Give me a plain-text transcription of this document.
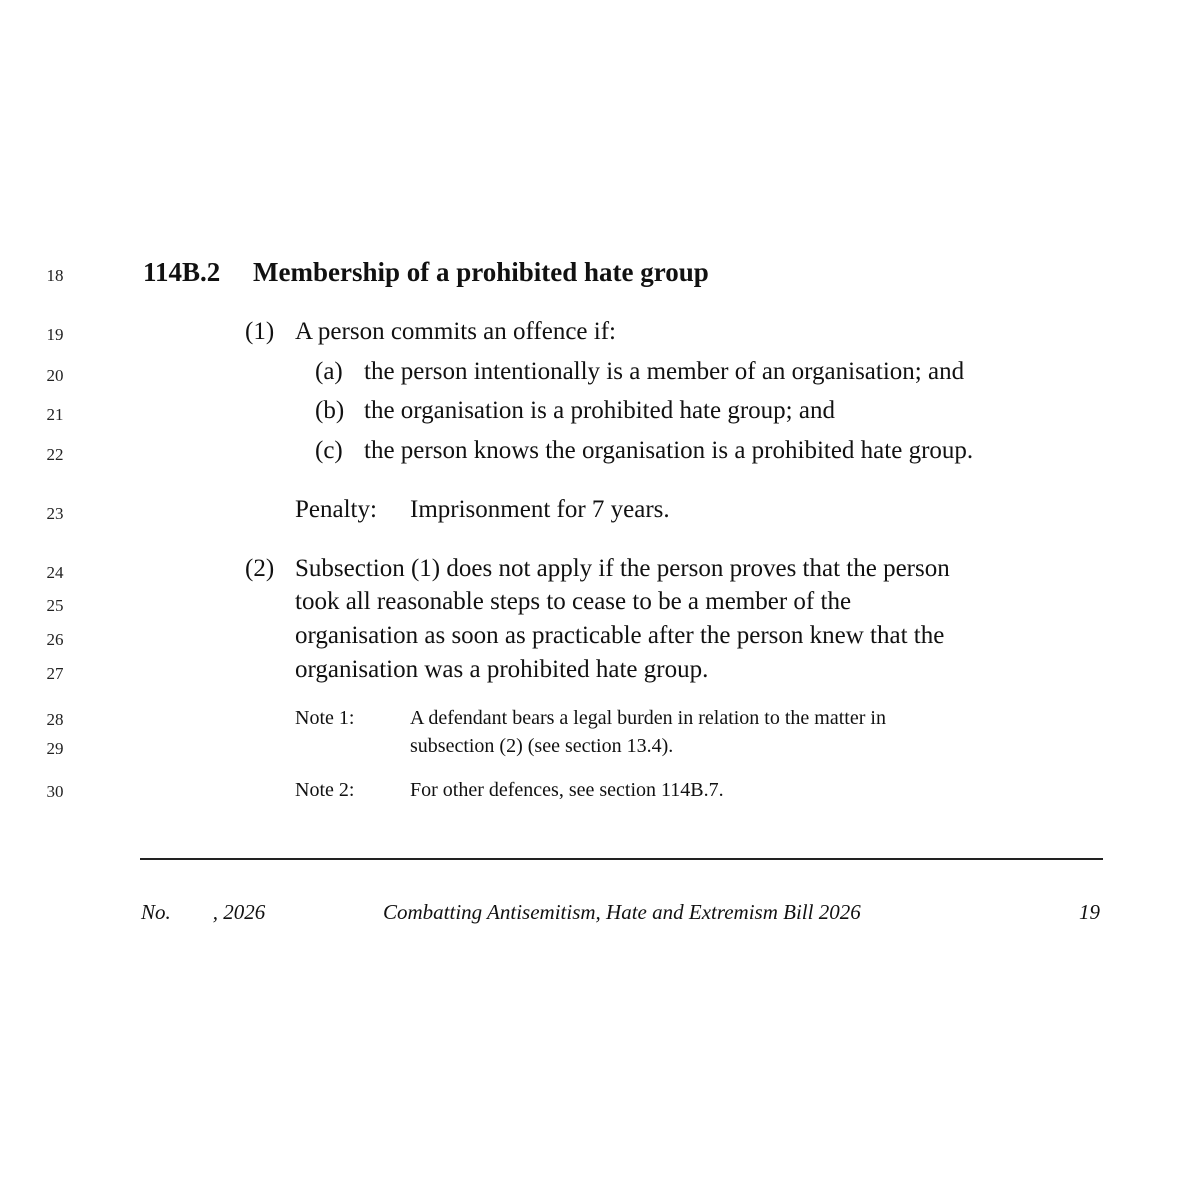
18
19
20
21
22
23
24
25
26
27
28
29
30
114B.2 Membership of a prohibited hate group
(1) A person commits an offence if:
(a) the person intentionally is a member of an organisation; and
(b) the organisation is a prohibited hate group; and
(c) the person knows the organisation is a prohibited hate group.
Penalty: Imprisonment for 7 years.
(2) Subsection (1) does not apply if the person proves that the person
took all reasonable steps to cease to be a member of the
organisation as soon as practicable after the person knew that the
organisation was a prohibited hate group.
Note 1:	A defendant bears a legal burden in relation to the matter in
subsection (2) (see section 13.4).
Note 2:	For other defences, see section 114B.7.
No.        , 2026	Combatting Antisemitism, Hate and Extremism Bill 2026	19
